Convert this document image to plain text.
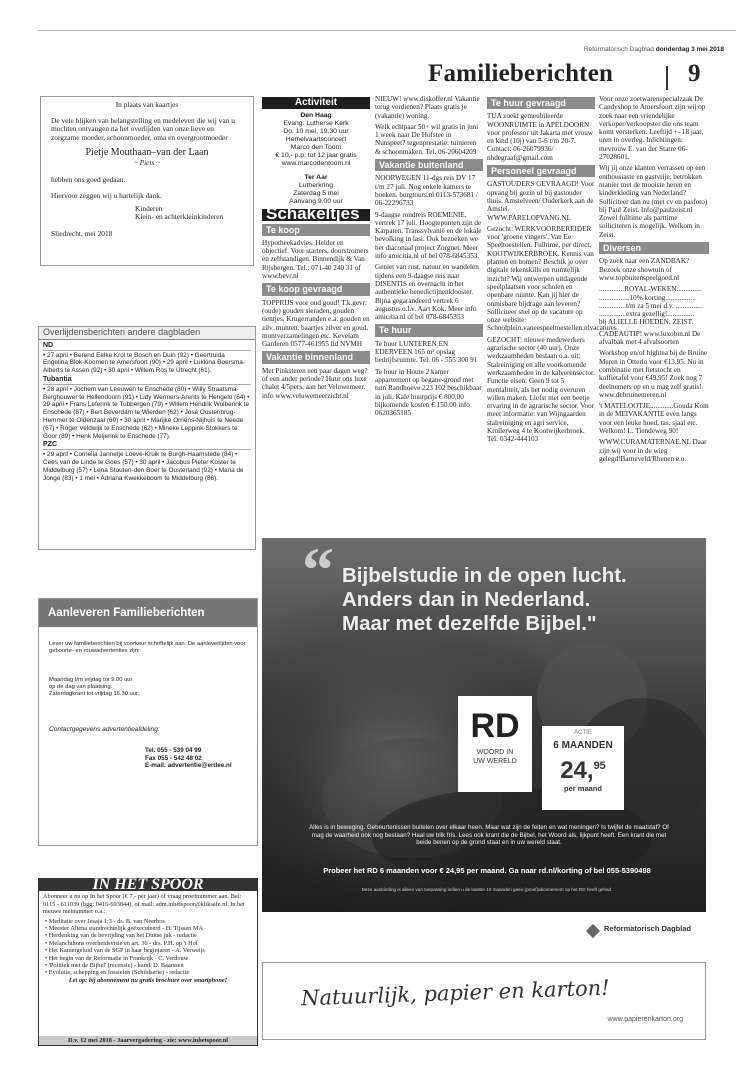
Reformatorisch Dagblad donderdag 3 mei 2018
Familieberichten	9
In plaats van kaartjes

De vele blijken van belangstelling en medeleven die wij van u mochten ontvangen na het overlijden van onze lieve en zorgzame moeder, schoonmoeder, oma en overgrootmoeder

Pietje Mouthaan–van der Laan
~ Piets ~

hebben ons goed gedaan.

Hiervoor zeggen wij u hartelijk dank.

Kinderen
Klein- en achterkleinkinderen
Sliedrecht, mei 2018
Overlijdensberichten andere dagbladen
ND
• 27 april • Berend Eelke Krol te Bosch en Duin (92) • Geertruida Engelina Blok-Koomen te Amersfoort (90) • 29 april • Lukkina Boersma-Alberts te Assen (92) • 30 april • Willem Ros te Utrecht (61).
Tubantia
• 28 april • Jochem van Leeuwen te Enschede (80) • Willy Straatsma-Berghouwer te Hellendoorn (91) • Lidy Wermers-Arents te Hengelo (64) • 29 april • Frans Leferink te Tubbergen (79) • Willem Hendrik Wolberink te Enschede (87) • Bert Beverdam te Wierden (62) • José Oostenbrug-Hemmer te Oldenzaal (60) • 30 april • Marijke Orriëns-Nijhuis te Neede (67) • Roger Veldwijk te Enschede (62) • Mineke Leppink-Stokkers te Goor (89) • Henk Meijerink te Enschede (77).
PZC
• 29 april • Cornelia Jannetje Loeve-Kruik te Burgh-Haamstede (84) • Cees van de Linde te Goes (57) • 30 april • Jacobus Pieter Koster te Middelburg (57) • Lena Stouten-den Boer te Oosterland (92) • Maria de Jonge (83) • 1 mei • Adriana Kwekkeboom te Middelburg (86).
Aanleveren Familieberichten

Lever uw familieberichten bij voorkeur schriftelijk aan. De aanleverlijden voor geboorte- en rouwadvertenties zijn:

Maandag t/m vrijdag tot 9.00 uur
op de dag van plaatsing.
Zaterdagkrant tot vrijdag 16.30 uur.
Contactgegevens advertentieafdeling:
Tel. 055 - 539 04 99
Fax 055 - 542 48 02
E-mail: advertentie@erdee.nl
IN HET SPOOR

Abonneer u nu op In het Spoor (€ 7,- per jaar) of vraag proefnummer aan. Bel: 0115 - 611039 (bgg: 0416-693844), of mail: adm.inhetspoor@kliksafe.nl. In het nieuwe meinummer o.a.:

• Meditatie over Jesaja 1:3 - ds. B. van Neerbos
• Meester Altena standrechtelijk geëxecuteerd - H. Tijssen MA
• Herdenking van de bevrijding van het Duitse juk - redactie
• Melanchthons overheidsvisie en art. 36 - drs. P.H. op 't Hof
• Het Kamergeluid van de SGP in haar beginjaren - A. Verweijs
• Het begin van de Reformatie in Frankrijk - C. Verdouw
• 'Politiek met de Bijbel' (recensie) - kand. D. Baarssen
• Evolutie, schepping en fossielen (Schildserie) - redactie
Let op: bij abonnement nu gratis brochure over smartphone!
D.v. 12 mei 2018 - Jaarvergadering - zie: www.inhetspoor.nl
Activiteit
Den Haag
Evang. Lutherse Kerk
Do. 10 mei, 19.30 uur
Hemelvaartsconcert
Marco den Toom
€ 10,- p.p. tot 12 jaar gratis
www.marcodentoom.nl
Ter Aar
Lutherkring
Zaterdag 5 mei
Aanvang 9.00 uur
Schakeltjes
Te koop

Hypotheekadvies. Helder en objectief. Voor starters, doorstromers en zelfstandigen. Binnendijk & Van Rijsbergen. Tel.: 071-40 240 31 of www.bevr.nl

Te koop gevraagd

TOPPRIJS voor oud goud! T.k.gevr: (oude) gouden sieraden, gouden tientjes, Krugerranden e.a. gouden en zilv. munten, baartjes zilver en goud, muntverzamelingen etc. Kevelam Garderen 0577-461955 lid NVMH

Vakantie binnenland

Met Pinksteren een paar dagen weg? of een ander periode? Huur ons luxe chalet 4/5pers. aan het Veluwemeer. info www.veluwemeerzicht.nl

NIEUW! www.diskoffer.nl Vakantie terug verdienen? Plaats gratis je (vakantie) woning.

Welk echtpaar 50+ wil gratis in juni 1 week naar De Hofstee in Nunspeet? tegenprestatie: tuinieren & schoonmaken. Tel. 06-20604209

Vakantie buitenland

NOORWEGEN 11-dgs reis DV 17 t/m 27 juli. Nog enkele kamers te boeken. burgtours.nl 0113-573681 / 06-22296733

9-daagse rondreis ROEMENIE, vertrek 17 juli. Hoogtepunten zijn de Karpaten, Transsylvanië en de lokale bevolking in lasi. Ook bezoeken we het diaconaal project Zorgnet. Meer info amicitia.nl of bel 078-6845353.

Geniet van rust, natuur en wandelen tijdens een 9-daagse reis naar DISENTIS en overnacht in het authentieke benedictijnenklooster. Bijna gegarandeerd vertrek 6 augustus o.l.v. Aart Kok. Meer info amicitia.nl of bel 078-6845353

Te huur

Te huur LUNTEREN EN EDERVEEN 165 m² opslag bedrijfsruimte. Tel. 06 - 555 300 91

Te huur in Houte 2 kamer appartement op begane-grond met tuin Randhoeve 223 102 beschikbaar in juli. Kale huurprijs € 800,00 bijkomende kosten € 150.00 info 0620365185

Te huur gevraagd

TUA zoekt gemeubileerde WOONRUIMTE in APELDOORN voor professor uit Jakarta met vrouw en kind (10j) van 5-6 t/m 20-7. Contact: 06-26079936/ nhdegraaf@gmail.com

Personeel gevraagd

GASTOUDERS GEVRAAGD! Voor opvang bij gezin of bij gastouder thuis. Amstelveen/ Ouderkerk aan de Amstel. WWW.PARELOPVANG.NL

Gezocht: WERKVOORBEREIDER voor 'groene vingers'. Van Ee Speeltoestellen. Fulltime, per direct. KOOTWIJKERBROEK. Kennis van planten en bomen? Beschik je over digitale tekenskills en ruimtelijk inzicht? Wij ontwerpen uitdagende speelplaatsen voor scholen en openbare ruimte. Kan jij hier de onmisbare bijdrage aan leveren? Solliciteer snel op de vacature op onze website: Schoolplein.vaneespeeltoestellen.nlvacatures

GEZOCHT: nieuwe medewerkers agrarische sector (40 uur). Onze werkzaamheden bestaan o.a. uit; Stalreiniging en alle voorkomende werkzaamheden in de kalverensector. Functie eisen: Geen 9 tot 5 mentaliteit, als het nodig overuren willen maken. Liefst met een beetje ervaring in de agrarische sector. Voor meer informatie: van Wijngaarden stalreiniging en agri service, Krollerweg 4 te Kootwijkerbroek. Tel: 0342-444103

Voor onze zoetwarenspecialzaak De Candyshop te Amersfoort zijn wij op zoek naar een vriendelijke verkoper/verkoopster die ons team komt versterken. Leeftijd +- 18 jaar, uren in overleg. Inlichtingen: mevrouw E. van der Starre 06-27028601.

Wij jij onze klanten verrassen op een enthousiaste en gastvrije, betrokken manier met de mooiste heren en kinderkleding van Nederland? Solliciteer dan nu (met cv en pasfoto) bij Paul Zeist. Info@paulzeist.nl Zowel fulltime als parttime solliciteren is mogelijk. Welkom in Zeist.

Diversen

Op zoek naar een ZANDBAK? Bezoek onze showtuin of www.topbuitenspeelgoed.nl

..............ROYAL-WEKEN..............
.................10% korting.................
...............t/m za 5 mei d.v. ...............
...............extra gezellig!...............
bij ALIELLE HOEDEN, ZEIST.

CADEAUTIP! www.luxobin.nl De afvalbak met 4 afvalsoorten

Workshop en/of hightea bij de Bruine Meren in Otterlo voor €13,95. Nu in combinatie met fietstocht en koffietafel voor €49,95! Zoek nog 7 deelnemers op en u mag zelf gratis! www.debruinemeren.nl

't MATELOOTJE.............Gouda Kom in de MEIVAKANTIE even langs voor een leuke hoed, tas, sjaal etc. Welkom! L. Tiendeweg 90!

WWW.CURAMATERNAE.NL Daar zijn wij voor in de wieg gelegd!Barneveld/Rhenen e.o.

“ Bijbelstudie in de open lucht.
Anders dan in Nederland.
Maar met dezelfde Bijbel."
RD
WOORD IN
UW WERELD
ACTIE
6 MAANDEN
24,95
per maand
Alles is in beweging. Gebeurtenissen buitelen over elkaar heen. Maar wat zijn de feiten en wat meningen? Is twijfel de maatstaf? Of mag de waarheid ook nog bestaan? Haal uw blik fris. Lees ook krant die de Bijbel, het Woord als, lijkpunt heeft. Een krant die met beide benen op de grond staat en in uw wereld staat.
Probeer het RD 6 maanden voor € 24,95 per maand. Ga naar rd.nl/korting of bel 055-5390498
Deze aanbieding is alleen van toepassing indien u de laatste 10 maanden geen (proef)abonnement op het RD heeft gehad.
Reformatorisch Dagblad
Natuurlijk, papier en karton!
www.papierenkarton.org
